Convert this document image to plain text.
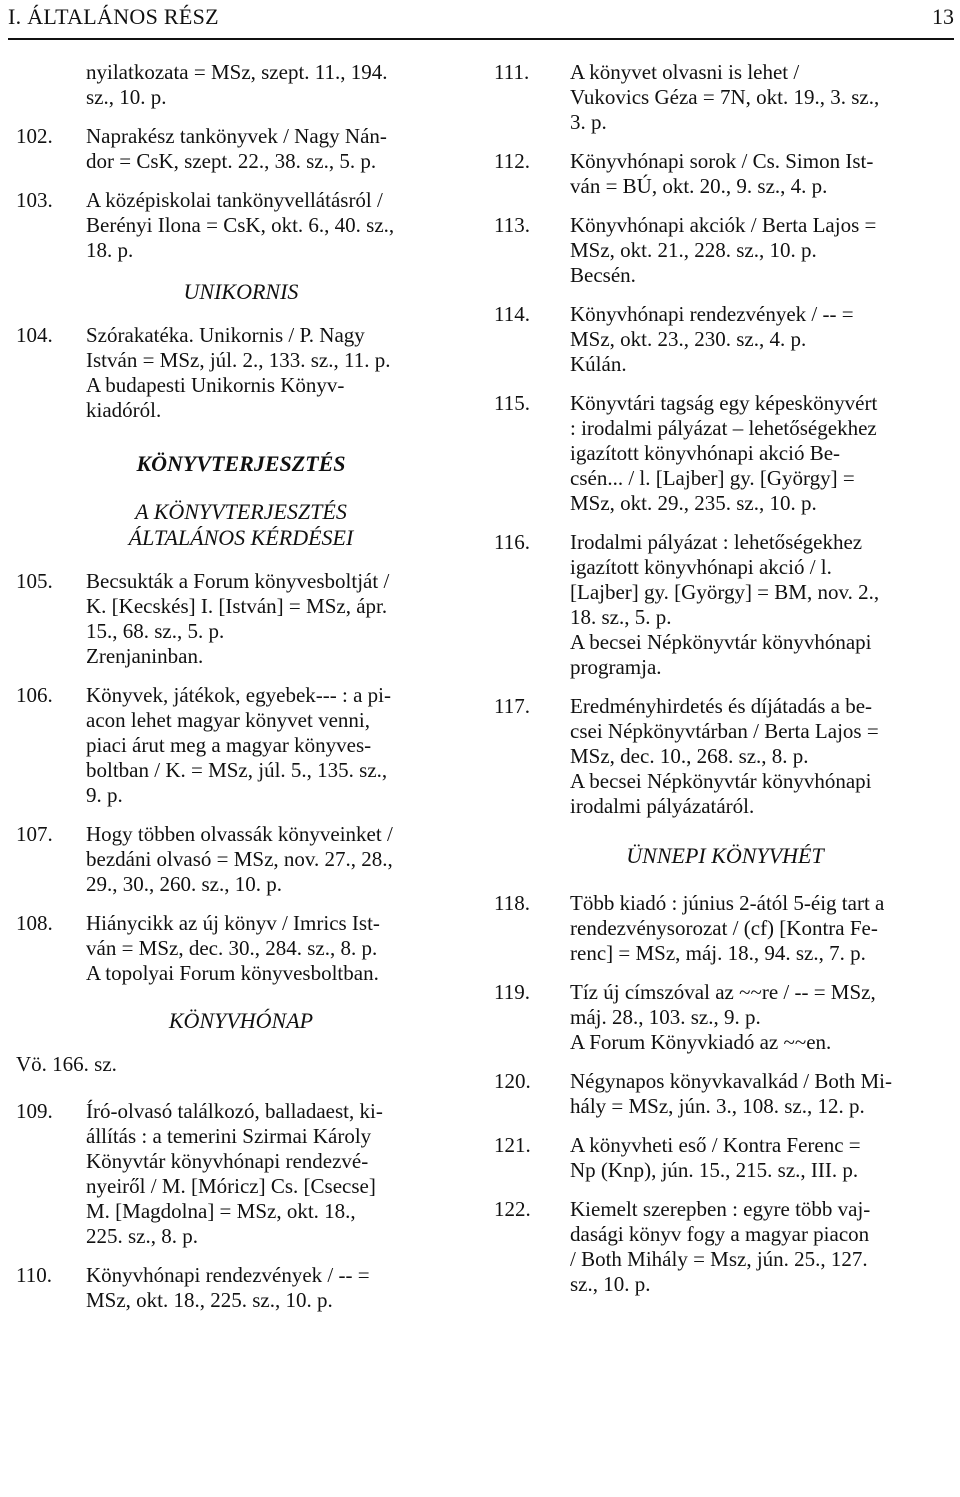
I. ÁLTALÁNOS RÉSZ	13
nyilatkozata = MSz, szept. 11., 194.
sz., 10. p.
102. Naprakész tankönyvek / Nagy Nán-
dor = CsK, szept. 22., 38. sz., 5. p.
103. A középiskolai tankönyvellátásról /
Berényi Ilona = CsK, okt. 6., 40. sz.,
18. p.
UNIKORNIS
104. Szórakatéka. Unikornis / P. Nagy
István = MSz, júl. 2., 133. sz., 11. p.
A budapesti Unikornis Könyv-
kiadóról.
KÖNYVTERJESZTÉS
A KÖNYVTERJESZTÉS
ÁLTALÁNOS KÉRDÉSEI
105. Becsukták a Forum könyvesboltját /
K. [Kecskés] I. [István] = MSz, ápr.
15., 68. sz., 5. p.
Zrenjaninban.
106. Könyvek, játékok, egyebek--- : a pi-
acon lehet magyar könyvet venni,
piaci árut meg a magyar könyves-
boltban / K. = MSz, júl. 5., 135. sz.,
9. p.
107. Hogy többen olvassák könyveinket /
bezdáni olvasó = MSz, nov. 27., 28.,
29., 30., 260. sz., 10. p.
108. Hiánycikk az új könyv / Imrics Ist-
ván = MSz, dec. 30., 284. sz., 8. p.
A topolyai Forum könyvesboltban.
KÖNYVHÓNAP
Vö. 166. sz.
109. Író-olvasó találkozó, balladaest, ki-
állítás : a temerini Szirmai Károly
Könyvtár könyvhónapi rendezvé-
nyeiről / M. [Móricz] Cs. [Csecse]
M. [Magdolna] = MSz, okt. 18.,
225. sz., 8. p.
110. Könyvhónapi rendezvények / -- =
MSz, okt. 18., 225. sz., 10. p.
111. A könyvet olvasni is lehet /
Vukovics Géza = 7N, okt. 19., 3. sz.,
3. p.
112. Könyvhónapi sorok / Cs. Simon Ist-
ván = BÚ, okt. 20., 9. sz., 4. p.
113. Könyvhónapi akciók / Berta Lajos =
MSz, okt. 21., 228. sz., 10. p.
Becsén.
114. Könyvhónapi rendezvények / -- =
MSz, okt. 23., 230. sz., 4. p.
Kúlán.
115. Könyvtári tagság egy képeskönyvért
: irodalmi pályázat – lehetőségekhez
igazított könyvhónapi akció Be-
csén... / l. [Lajber] gy. [György] =
MSz, okt. 29., 235. sz., 10. p.
116. Irodalmi pályázat : lehetőségekhez
igazított könyvhónapi akció / l.
[Lajber] gy. [György] = BM, nov. 2.,
18. sz., 5. p.
A becsei Népkönyvtár könyvhónapi
programja.
117. Eredményhirdetés és díjátadás a be-
csei Népkönyvtárban / Berta Lajos =
MSz, dec. 10., 268. sz., 8. p.
A becsei Népkönyvtár könyvhónapi
irodalmi pályázatáról.
ÜNNEPI KÖNYVHÉT
118. Több kiadó : június 2-ától 5-éig tart a
rendezvénysorozat / (cf) [Kontra Fe-
renc] = MSz, máj. 18., 94. sz., 7. p.
119. Tíz új címszóval az ~~re / -- = MSz,
máj. 28., 103. sz., 9. p.
A Forum Könyvkiadó az ~~en.
120. Négynapos könyvkavalkád / Both Mi-
hály = MSz, jún. 3., 108. sz., 12. p.
121. A könyvheti eső / Kontra Ferenc =
Np (Knp), jún. 15., 215. sz., III. p.
122. Kiemelt szerepben : egyre több vaj-
dasági könyv fogy a magyar piacon
/ Both Mihály = Msz, jún. 25., 127.
sz., 10. p.
